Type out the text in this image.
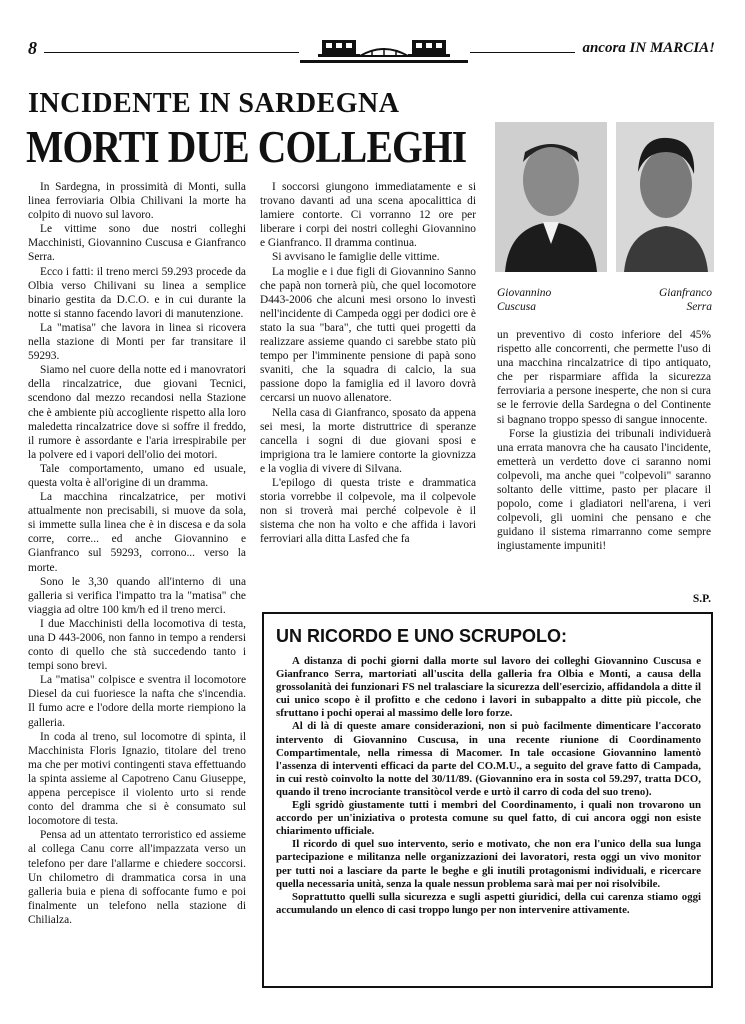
8	ancora IN MARCIA!
INCIDENTE IN SARDEGNA
MORTI DUE COLLEGHI
Giovannino
Cuscusa
Gianfranco
Serra

In Sardegna, in prossimità di Monti, sulla linea ferroviaria Olbia Chilivani la morte ha colpito di nuovo sul lavoro.

Le vittime sono due nostri colleghi Macchinisti, Giovannino Cuscusa e Gianfranco Serra.

Ecco i fatti: il treno merci 59.293 procede da Olbia verso Chilivani su linea a semplice binario gestita da D.C.O. e in cui durante la notte si stanno facendo lavori di manutenzione.

La "matisa" che lavora in linea si ricovera nella stazione di Monti per far transitare il 59293.

Siamo nel cuore della notte ed i manovratori della rincalzatrice, due giovani Tecnici, scendono dal mezzo recandosi nella Stazione che è ambiente più accogliente rispetto alla loro maledetta rincalzatrice dove si soffre il freddo, il rumore è assordante e l'aria irrespirabile per la polvere ed i vapori dell'olio dei motori.

Tale comportamento, umano ed usuale, questa volta è all'origine di un dramma.

La macchina rincalzatrice, per motivi attualmente non precisabili, si muove da sola, si immette sulla linea che è in discesa e da sola corre, corre... ed anche Giovannino e Gianfranco sul 59293, corrono... verso la morte.

Sono le 3,30 quando all'interno di una galleria si verifica l'impatto tra la "matisa" che viaggia ad oltre 100 km/h ed il treno merci.

I due Macchinisti della locomotiva di testa, una D 443-2006, non fanno in tempo a rendersi conto di quello che stà succedendo tanto i tempi sono brevi.

La "matisa" colpisce e sventra il locomotore Diesel da cui fuoriesce la nafta che s'incendia. Il fumo acre e l'odore della morte riempiono la galleria.

In coda al treno, sul locomotre di spinta, il Macchinista Floris Ignazio, titolare del treno ma che per motivi contingenti stava effettuando la spinta assieme al Capotreno Canu Giuseppe, appena percepisce il violento urto si rende conto del dramma che si è consumato sul locomotore di testa.

Pensa ad un attentato terroristico ed assieme al collega Canu corre all'impazzata verso un telefono per dare l'allarme e chiedere soccorsi. Un chilometro di drammatica corsa in una galleria buia e piena di soffocante fumo e poi finalmente un telefono nella stazione di Chilialza.

I soccorsi giungono immediatamente e si trovano davanti ad una scena apocalittica di lamiere contorte. Ci vorranno 12 ore per liberare i corpi dei nostri colleghi Giovannino e Gianfranco. Il dramma continua.

Si avvisano le famiglie delle vittime.

La moglie e i due figli di Giovannino Sanno che papà non tornerà più, che quel locomotore D443-2006 che alcuni mesi orsono lo investì nell'incidente di Campeda oggi per dodici ore è stato la sua "bara", che tutti quei progetti da realizzare assieme quando ci sarebbe stato più tempo per l'imminente pensione di papà sono svaniti, che la squadra di calcio, la sua passione dopo la famiglia ed il lavoro dovrà cercarsi un nuovo allenatore.

Nella casa di Gianfranco, sposato da appena sei mesi, la morte distruttrice di speranze cancella i sogni di due giovani sposi e imprigiona tra le lamiere contorte la giovnizza e la voglia di vivere di Silvana.

L'epilogo di questa triste e drammatica storia vorrebbe il colpevole, ma il colpevole non si troverà mai perché colpevole è il sistema che non ha volto e che affida i lavori ferroviari alla ditta Lasfed che fa

un preventivo di costo inferiore del 45% rispetto alle concorrenti, che permette l'uso di una macchina rincalzatrice di tipo antiquato, che per risparmiare affida la sicurezza ferroviaria a persone inesperte, che non si cura se le ferrovie della Sardegna o del Continente si bagnano troppo spesso di sangue innocente.

Forse la giustizia dei tribunali individuerà una errata manovra che ha causato l'incidente, emetterà un verdetto dove ci saranno nomi colpevoli, ma anche quei "colpevoli" saranno soltanto delle vittime, pasto per placare il popolo, come i gladiatori nell'arena, i veri colpevoli, gli uomini che pensano e che guidano il sistema rimarranno come sempre ingiustamente impuniti!

S.P.
UN RICORDO E UNO SCRUPOLO:

A distanza di pochi giorni dalla morte sul lavoro dei colleghi Giovannino Cuscusa e Gianfranco Serra, martoriati all'uscita della galleria fra Olbia e Monti, a causa della grossolanità dei funzionari FS nel tralasciare la sicurezza dell'esercizio, affidandola a ditte il cui unico scopo è il profitto e che cedono i lavori in subappalto a ditte più piccole, che sfruttano i pochi operai al massimo delle loro forze.

Al di là di queste amare considerazioni, non si può facilmente dimenticare l'accorato intervento di Giovannino Cuscusa, in una recente riunione di Coordinamento Compartimentale, nella rimessa di Macomer. In tale occasione Giovannino lamentò l'assenza di interventi efficaci da parte del CO.M.U., a seguito del grave fatto di Campada, in cui restò coinvolto la notte del 30/11/89. (Giovannino era in sosta col 59.297, tratta DCO, quando il treno incrociante transitòcol verde e urtò il carro di coda del suo treno).

Egli sgridò giustamente tutti i membri del Coordinamento, i quali non trovarono un accordo per un'iniziativa o protesta comune su quel fatto, di cui ancora oggi non esiste chiarimento ufficiale.

Il ricordo di quel suo intervento, serio e motivato, che non era l'unico della sua lunga partecipazione e militanza nelle organizzazioni dei lavoratori, resta oggi un vivo monitor per tutti noi a lasciare da parte le beghe e gli inutili protagonismi individuali, e ricercare quella necessaria unità, senza la quale nessun problema sarà mai per noi risolvibile.

Soprattutto quelli sulla sicurezza e sugli aspetti giuridici, della cui carenza stiamo oggi accumulando un elenco di casi troppo lungo per non intervenire attivamente.
